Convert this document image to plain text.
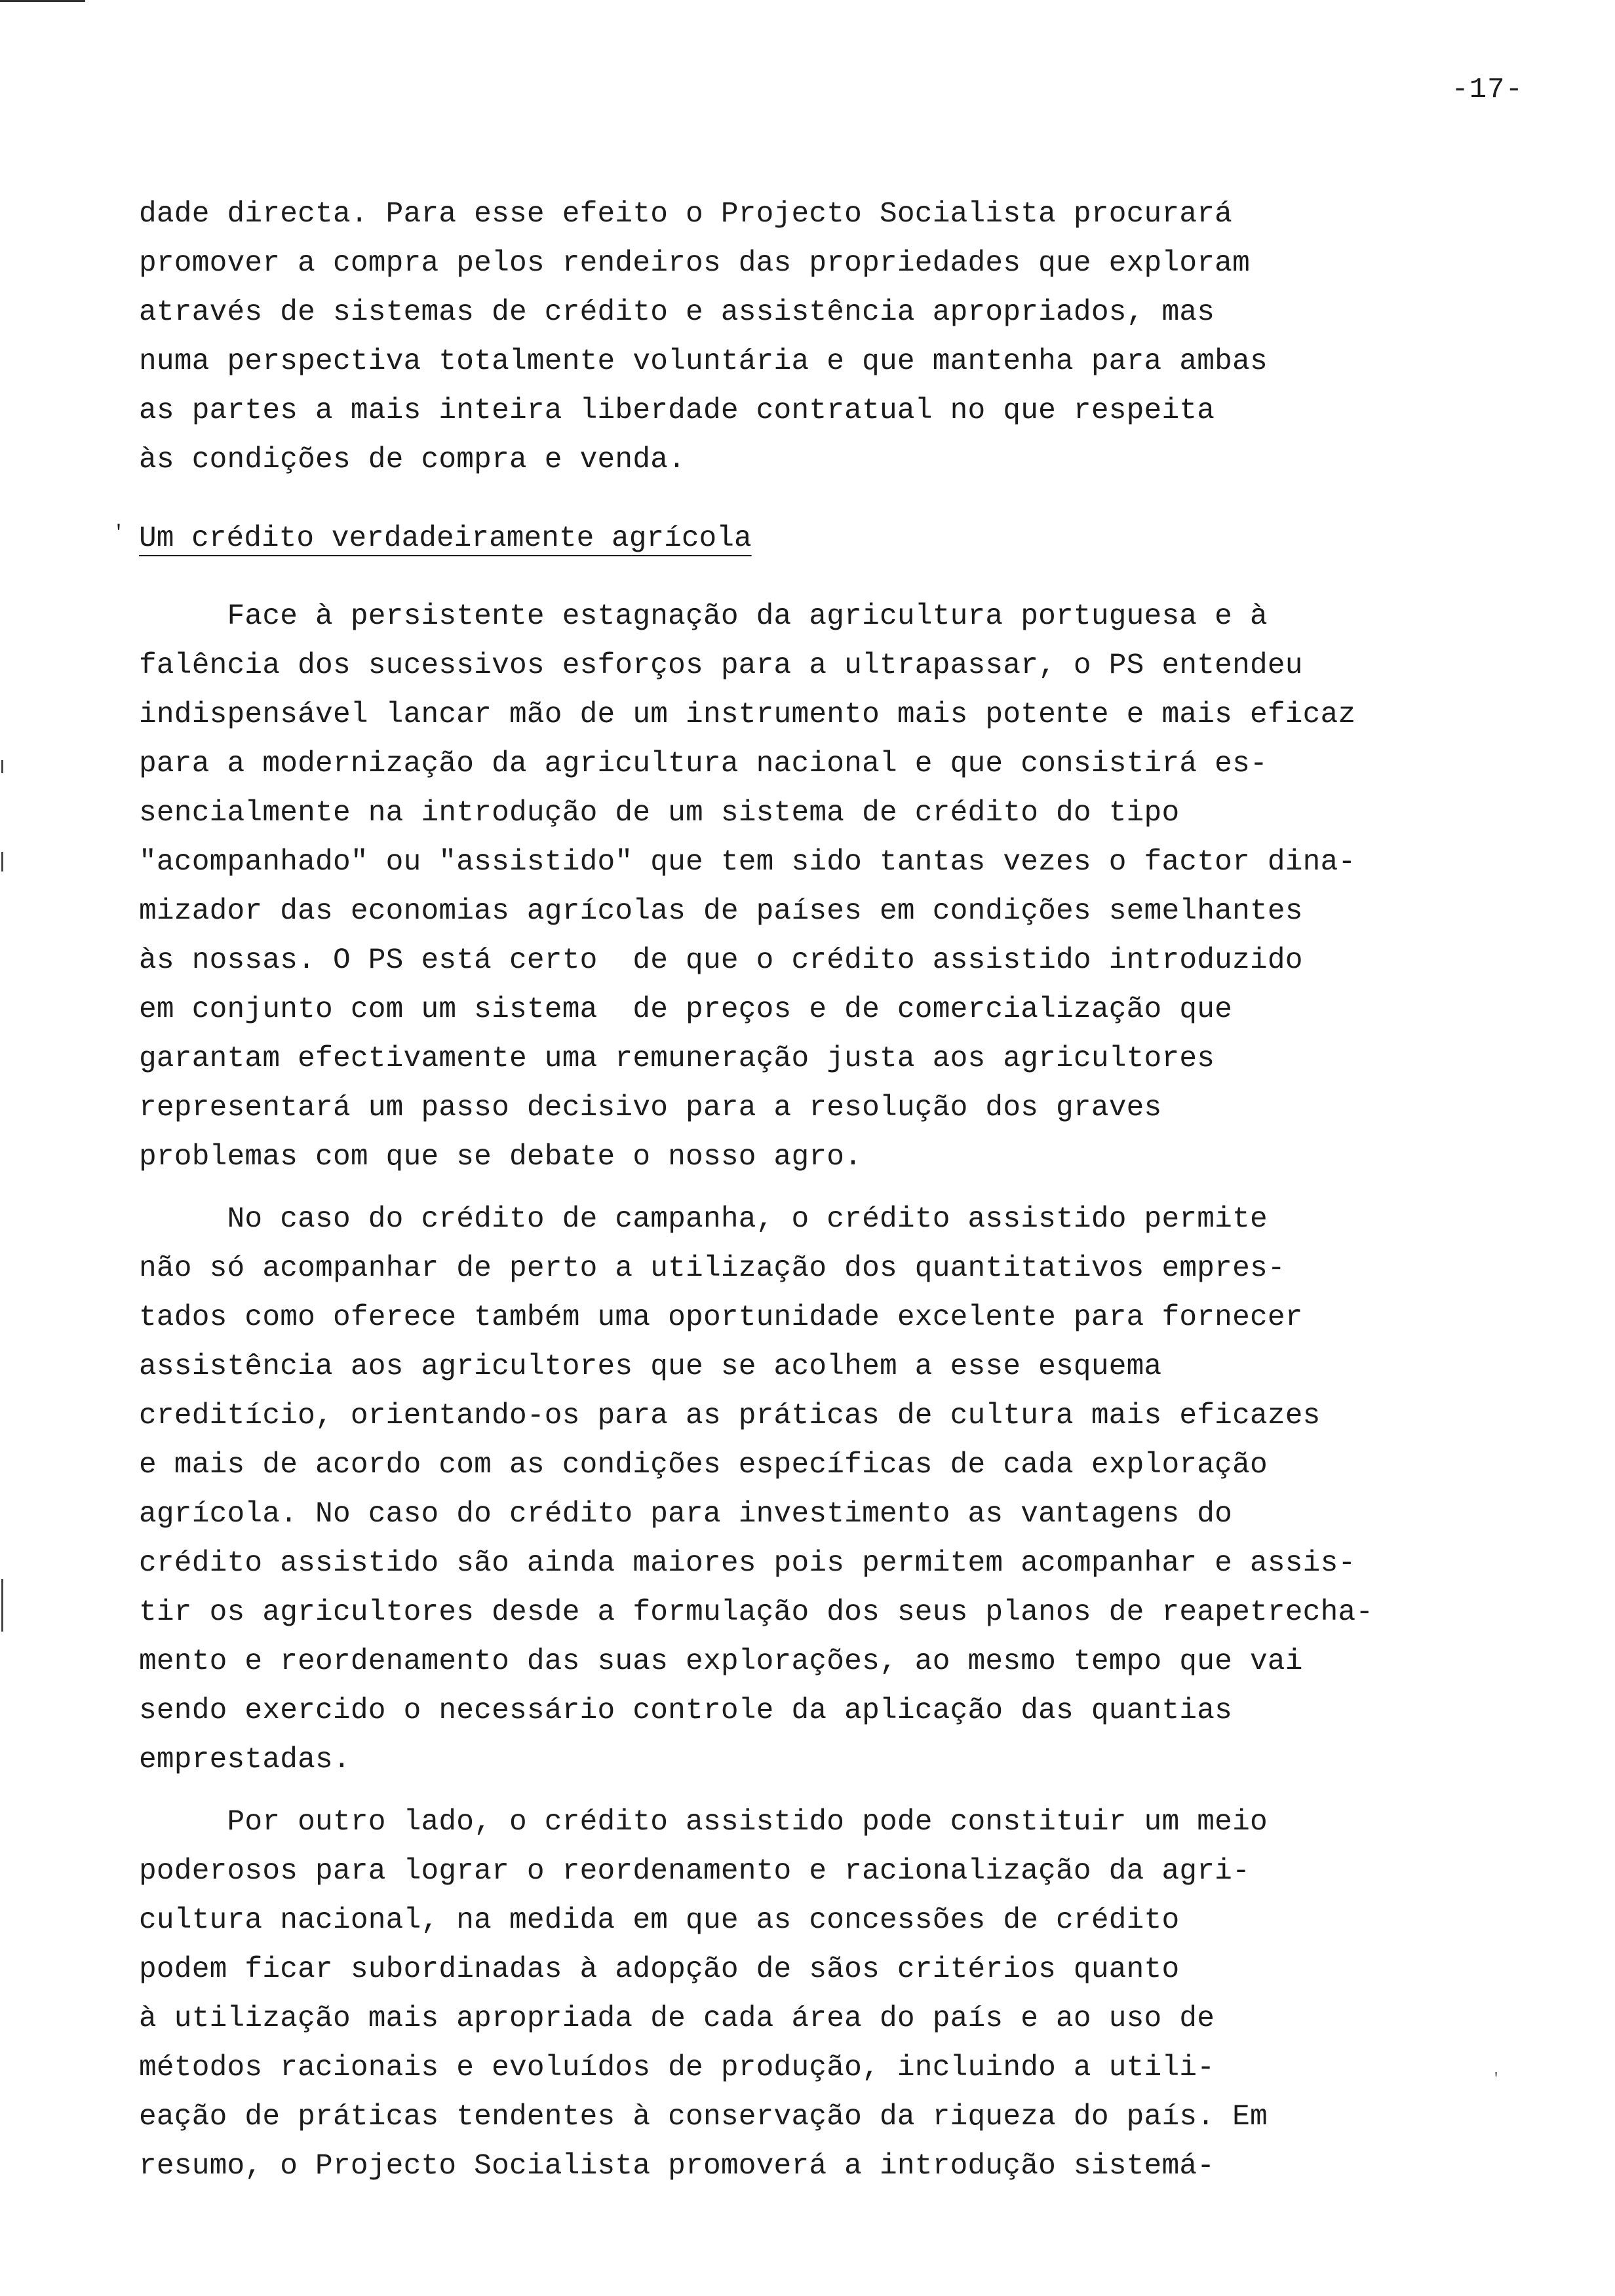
-17-
dade directa. Para esse efeito o Projecto Socialista procurará
promover a compra pelos rendeiros das propriedades que exploram
através de sistemas de crédito e assistência apropriados, mas
numa perspectiva totalmente voluntária e que mantenha para ambas
as partes a mais inteira liberdade contratual no que respeita
às condições de compra e venda.
' Um crédito verdadeiramente agrícola
Face à persistente estagnação da agricultura portuguesa e à
falência dos sucessivos esforços para a ultrapassar, o PS entendeu
indispensável lancar mão de um instrumento mais potente e mais eficaz
para a modernização da agricultura nacional e que consistirá es-
sencialmente na introdução de um sistema de crédito do tipo
"acompanhado" ou "assistido" que tem sido tantas vezes o factor dina-
mizador das economias agrícolas de países em condições semelhantes
às nossas. O PS está certo  de que o crédito assistido introduzido
em conjunto com um sistema  de preços e de comercialização que
garantam efectivamente uma remuneração justa aos agricultores
representará um passo decisivo para a resolução dos graves
problemas com que se debate o nosso agro.
No caso do crédito de campanha, o crédito assistido permite
não só acompanhar de perto a utilização dos quantitativos empres-
tados como oferece também uma oportunidade excelente para fornecer
assistência aos agricultores que se acolhem a esse esquema
creditício, orientando-os para as práticas de cultura mais eficazes
e mais de acordo com as condições específicas de cada exploração
agrícola. No caso do crédito para investimento as vantagens do
crédito assistido são ainda maiores pois permitem acompanhar e assis-
tir os agricultores desde a formulação dos seus planos de reapetrecha-
mento e reordenamento das suas explorações, ao mesmo tempo que vai
sendo exercido o necessário controle da aplicação das quantias
emprestadas.
Por outro lado, o crédito assistido pode constituir um meio
poderosos para lograr o reordenamento e racionalização da agri-
cultura nacional, na medida em que as concessões de crédito
podem ficar subordinadas à adopção de sãos critérios quanto
à utilização mais apropriada de cada área do país e ao uso de
métodos racionais e evoluídos de produção, incluindo a utili-
eação de práticas tendentes à conservação da riqueza do país. Em
resumo, o Projecto Socialista promoverá a introdução sistemá-
'
